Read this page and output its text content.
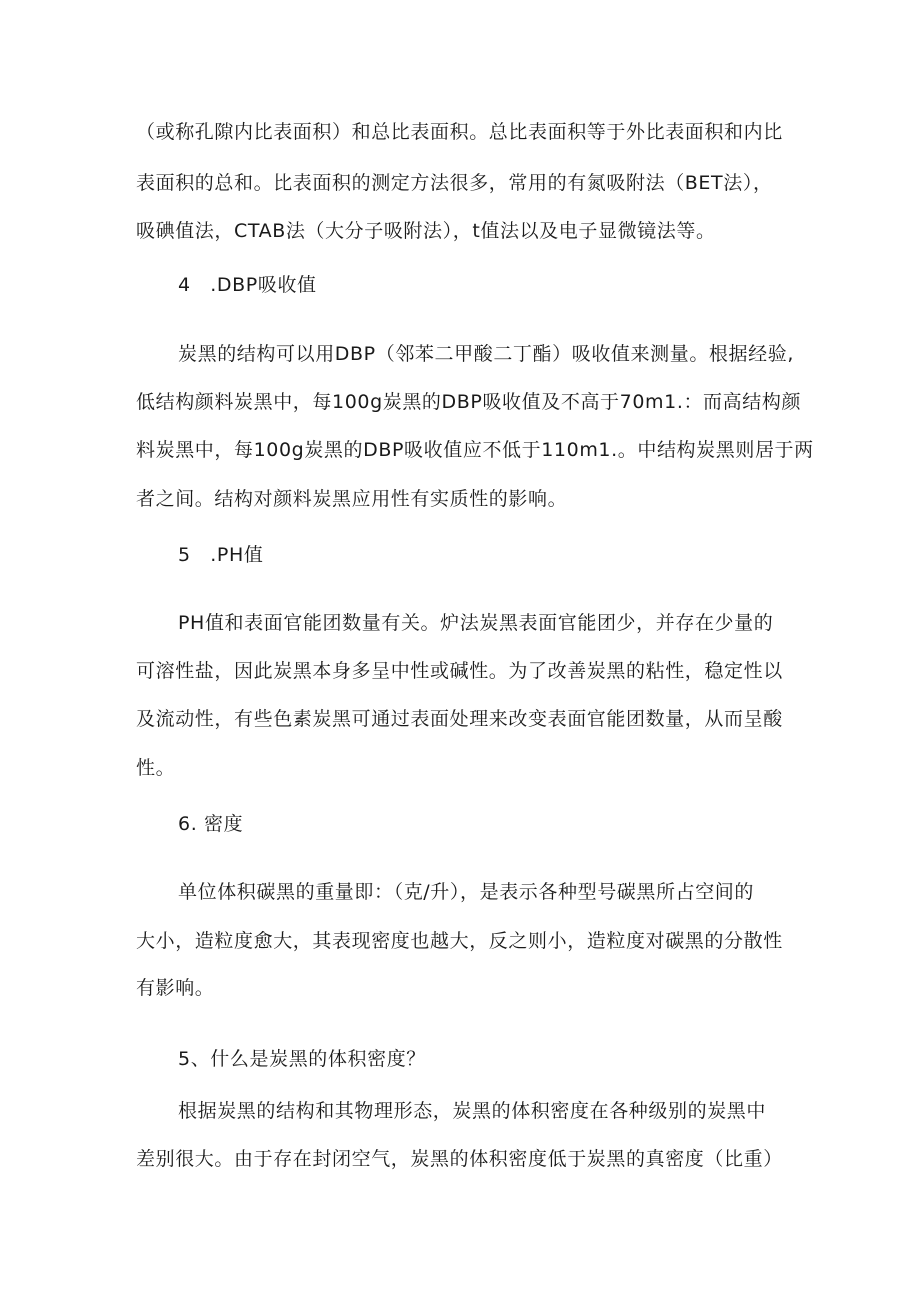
（或称孔隙内比表面积）和总比表面积。总比表面积等于外比表面积和内比
表面积的总和。比表面积的测定方法很多，常用的有氮吸附法（BET法），
吸碘值法，CTAB法（大分子吸附法），t值法以及电子显微镜法等。
4　.DBP吸收值
炭黑的结构可以用DBP（邻苯二甲酸二丁酯）吸收值来测量。根据经验,
低结构颜料炭黑中，每100g炭黑的DBP吸收值及不高于70m1.：而高结构颜
料炭黑中，每100g炭黑的DBP吸收值应不低于110m1.。中结构炭黑则居于两
者之间。结构对颜料炭黑应用性有实质性的影响。
5　.PH值
PH值和表面官能团数量有关。炉法炭黑表面官能团少，并存在少量的
可溶性盐，因此炭黑本身多呈中性或碱性。为了改善炭黑的粘性，稳定性以
及流动性，有些色素炭黑可通过表面处理来改变表面官能团数量，从而呈酸
性。
6. 密度
单位体积碳黑的重量即：（克/升），是表示各种型号碳黑所占空间的
大小，造粒度愈大，其表现密度也越大，反之则小，造粒度对碳黑的分散性
有影响。
5、什么是炭黑的体积密度？
根据炭黑的结构和其物理形态，炭黑的体积密度在各种级别的炭黑中
差别很大。由于存在封闭空气，炭黑的体积密度低于炭黑的真密度（比重）
